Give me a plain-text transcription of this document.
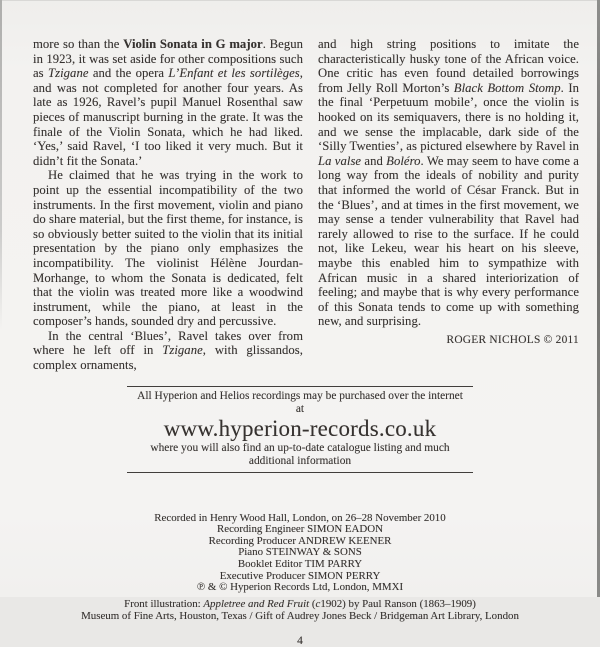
more so than the Violin Sonata in G major. Begun in 1923, it was set aside for other compositions such as Tzigane and the opera L’Enfant et les sortilèges, and was not completed for another four years. As late as 1926, Ravel’s pupil Manuel Rosenthal saw pieces of manuscript burning in the grate. It was the finale of the Violin Sonata, which he had liked. ‘Yes,’ said Ravel, ‘I too liked it very much. But it didn’t fit the Sonata.’

He claimed that he was trying in the work to point up the essential incompatibility of the two instruments. In the first movement, violin and piano do share material, but the first theme, for instance, is so obviously better suited to the violin that its initial presentation by the piano only emphasizes the incompatibility. The violinist Hélène Jourdan-Morhange, to whom the Sonata is dedicated, felt that the violin was treated more like a woodwind instrument, while the piano, at least in the composer’s hands, sounded dry and percussive.

In the central ‘Blues’, Ravel takes over from where he left off in Tzigane, with glissandos, complex ornaments,

and high string positions to imitate the characteristically husky tone of the African voice. One critic has even found detailed borrowings from Jelly Roll Morton’s Black Bottom Stomp. In the final ‘Perpetuum mobile’, once the violin is hooked on its semiquavers, there is no holding it, and we sense the implacable, dark side of the ‘Silly Twenties’, as pictured elsewhere by Ravel in La valse and Boléro. We may seem to have come a long way from the ideals of nobility and purity that informed the world of César Franck. But in the ‘Blues’, and at times in the first movement, we may sense a tender vulnerability that Ravel had rarely allowed to rise to the surface. If he could not, like Lekeu, wear his heart on his sleeve, maybe this enabled him to sympathize with African music in a shared interiorization of feeling; and maybe that is why every performance of this Sonata tends to come up with something new, and surprising.

ROGER NICHOLS © 2011
All Hyperion and Helios recordings may be purchased over the internet at
www.hyperion-records.co.uk
where you will also find an up-to-date catalogue listing and much additional information
Recorded in Henry Wood Hall, London, on 26–28 November 2010
Recording Engineer SIMON EADON
Recording Producer ANDREW KEENER
Piano STEINWAY & SONS
Booklet Editor TIM PARRY
Executive Producer SIMON PERRY
℗ & © Hyperion Records Ltd, London, MMXI
Front illustration: Appletree and Red Fruit (c1902) by Paul Ranson (1863–1909)
Museum of Fine Arts, Houston, Texas / Gift of Audrey Jones Beck / Bridgeman Art Library, London
4
